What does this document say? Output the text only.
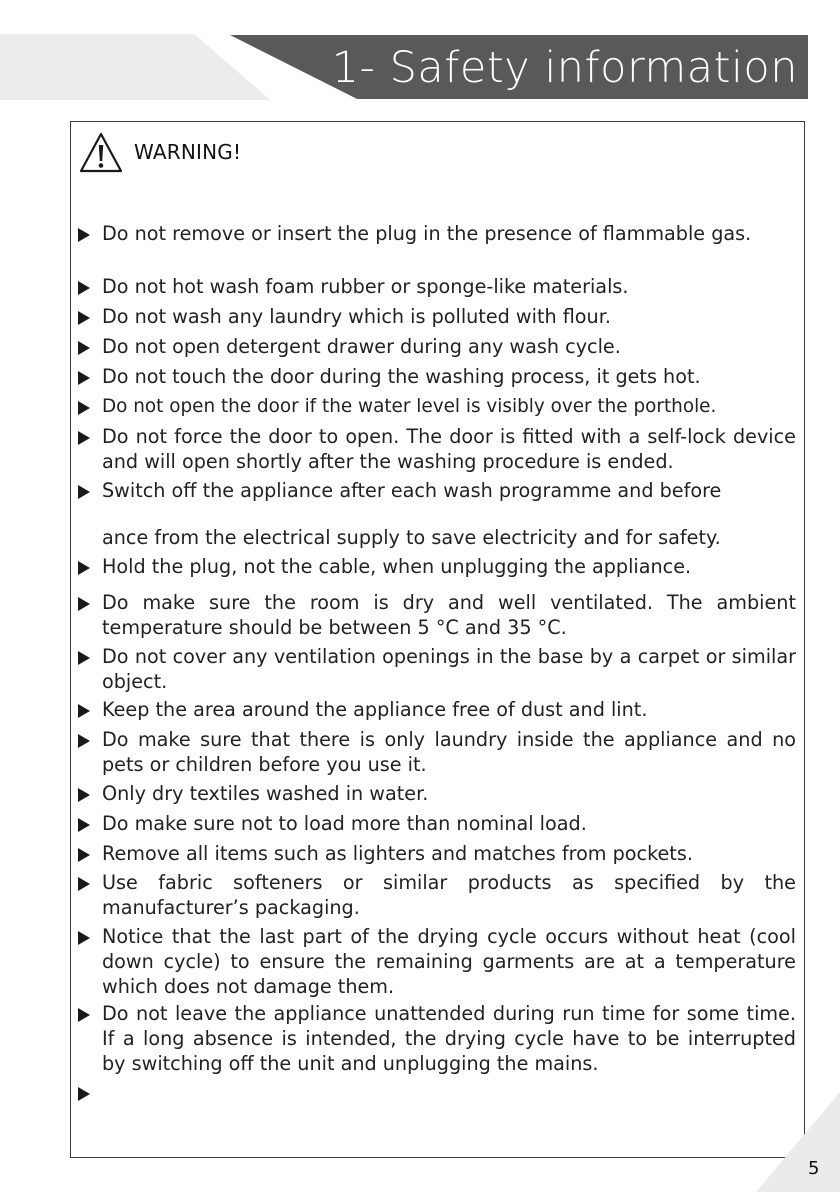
1- Safety information
WARNING!
Do not remove or insert the plug in the presence of flammable gas.
Do not hot wash foam rubber or sponge-like materials.
Do not wash any laundry which is polluted with flour.
Do not open detergent drawer during any wash cycle.
Do not touch the door during the washing process, it gets hot.
Do not open the door if the water level is visibly over the porthole.
Do not force the door to open. The door is fitted with a self-lock device and will open shortly after the washing procedure is ended.
Switch off the appliance after each wash programme and before
ance from the electrical supply to save electricity and for safety.
Hold the plug, not the cable, when unplugging the appliance.
Do make sure the room is dry and well ventilated. The ambient temperature should be between 5 °C and 35 °C.
Do not cover any ventilation openings in the base by a carpet or similar object.
Keep the area around the appliance free of dust and lint.
Do make sure that there is only laundry inside the appliance and no pets or children before you use it.
Only dry textiles washed in water.
Do make sure not to load more than nominal load.
Remove all items such as lighters and matches from pockets.
Use fabric softeners or similar products as specified by the manufacturer’s packaging.
Notice that the last part of the drying cycle occurs without heat (cool down cycle) to ensure the remaining garments are at a temperature which does not damage them.
Do not leave the appliance unattended during run time for some time. If a long absence is intended, the drying cycle have to be interrupted by switching off the unit and unplugging the mains.
5
